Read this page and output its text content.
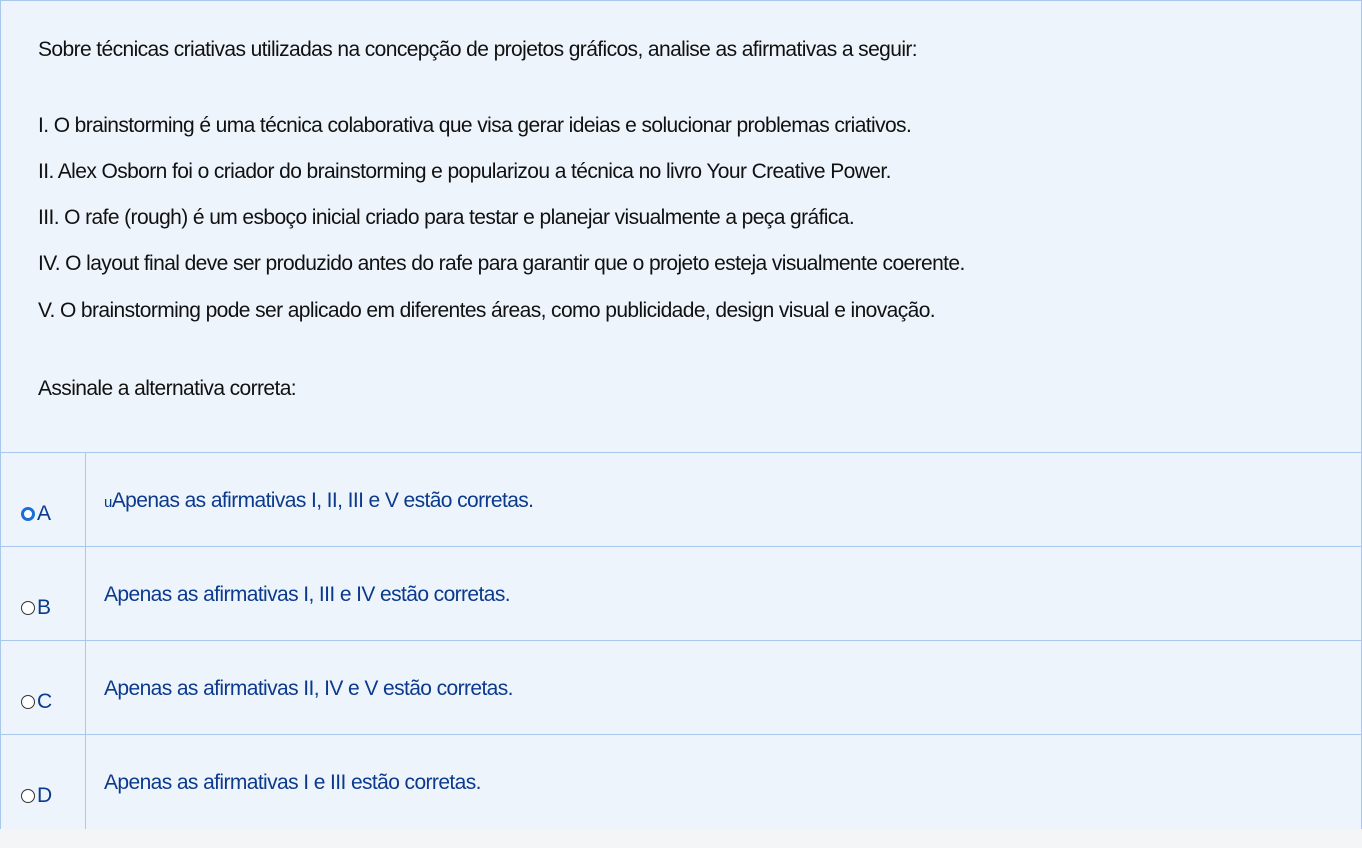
Sobre técnicas criativas utilizadas na concepção de projetos gráficos, analise as afirmativas a seguir:
I. O brainstorming é uma técnica colaborativa que visa gerar ideias e solucionar problemas criativos.
II. Alex Osborn foi o criador do brainstorming e popularizou a técnica no livro Your Creative Power.
III. O rafe (rough) é um esboço inicial criado para testar e planejar visualmente a peça gráfica.
IV. O layout final deve ser produzido antes do rafe para garantir que o projeto esteja visualmente coerente.
V. O brainstorming pode ser aplicado em diferentes áreas, como publicidade, design visual e inovação.
Assinale a alternativa correta:
A	uApenas as afirmativas I, II, III e V estão corretas.
B
Apenas as afirmativas I, III e IV estão corretas.
C
Apenas as afirmativas II, IV e V estão corretas.
D
Apenas as afirmativas I e III estão corretas.
